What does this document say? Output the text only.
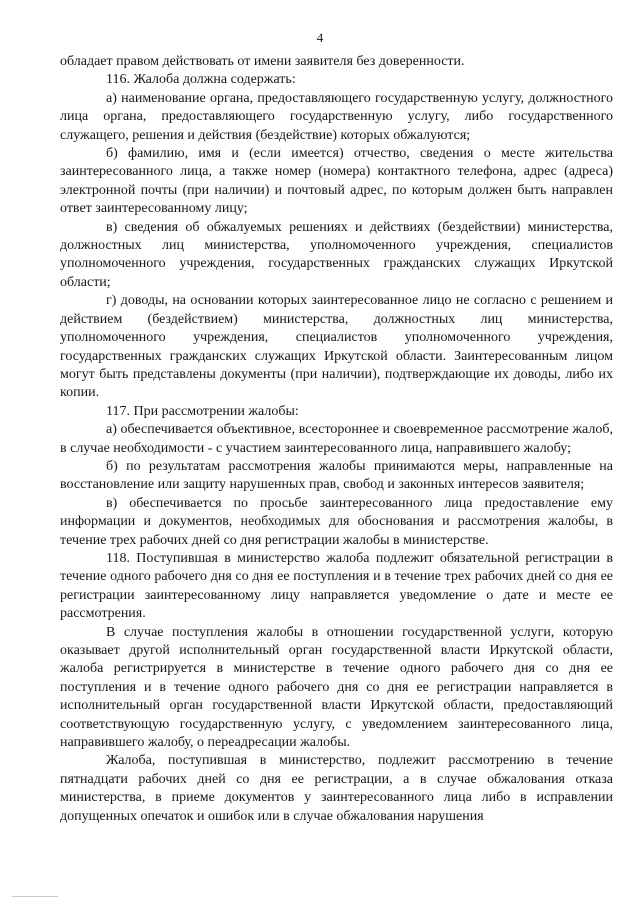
4

обладает правом действовать от имени заявителя без доверенности.

116. Жалоба должна содержать:

а) наименование органа, предоставляющего государственную услугу, должностного лица органа, предоставляющего государственную услугу, либо государственного служащего, решения и действия (бездействие) которых обжалуются;

б) фамилию, имя и (если имеется) отчество, сведения о месте жительства заинтересованного лица, а также номер (номера) контактного телефона, адрес (адреса) электронной почты (при наличии) и почтовый адрес, по которым должен быть направлен ответ заинтересованному лицу;

в) сведения об обжалуемых решениях и действиях (бездействии) министерства, должностных лиц министерства, уполномоченного учреждения, специалистов уполномоченного учреждения, государственных гражданских служащих Иркутской области;

г) доводы, на основании которых заинтересованное лицо не согласно с решением и действием (бездействием) министерства, должностных лиц министерства, уполномоченного учреждения, специалистов уполномоченного учреждения, государственных гражданских служащих Иркутской области. Заинтересованным лицом могут быть представлены документы (при наличии), подтверждающие их доводы, либо их копии.

117. При рассмотрении жалобы:

а) обеспечивается объективное, всестороннее и своевременное рассмотрение жалоб, в случае необходимости - с участием заинтересованного лица, направившего жалобу;

б) по результатам рассмотрения жалобы принимаются меры, направленные на восстановление или защиту нарушенных прав, свобод и законных интересов заявителя;

в) обеспечивается по просьбе заинтересованного лица предоставление ему информации и документов, необходимых для обоснования и рассмотрения жалобы, в течение трех рабочих дней со дня регистрации жалобы в министерстве.

118. Поступившая в министерство жалоба подлежит обязательной регистрации в течение одного рабочего дня со дня ее поступления и в течение трех рабочих дней со дня ее регистрации заинтересованному лицу направляется уведомление о дате и месте ее рассмотрения.

В случае поступления жалобы в отношении государственной услуги, которую оказывает другой исполнительный орган государственной власти Иркутской области, жалоба регистрируется в министерстве в течение одного рабочего дня со дня ее поступления и в течение одного рабочего дня со дня ее регистрации направляется в исполнительный орган государственной власти Иркутской области, предоставляющий соответствующую государственную услугу, с уведомлением заинтересованного лица, направившего жалобу, о переадресации жалобы.

Жалоба, поступившая в министерство, подлежит рассмотрению в течение пятнадцати рабочих дней со дня ее регистрации, а в случае обжалования отказа министерства, в приеме документов у заинтересованного лица либо в исправлении допущенных опечаток и ошибок или в случае обжалования нарушения
